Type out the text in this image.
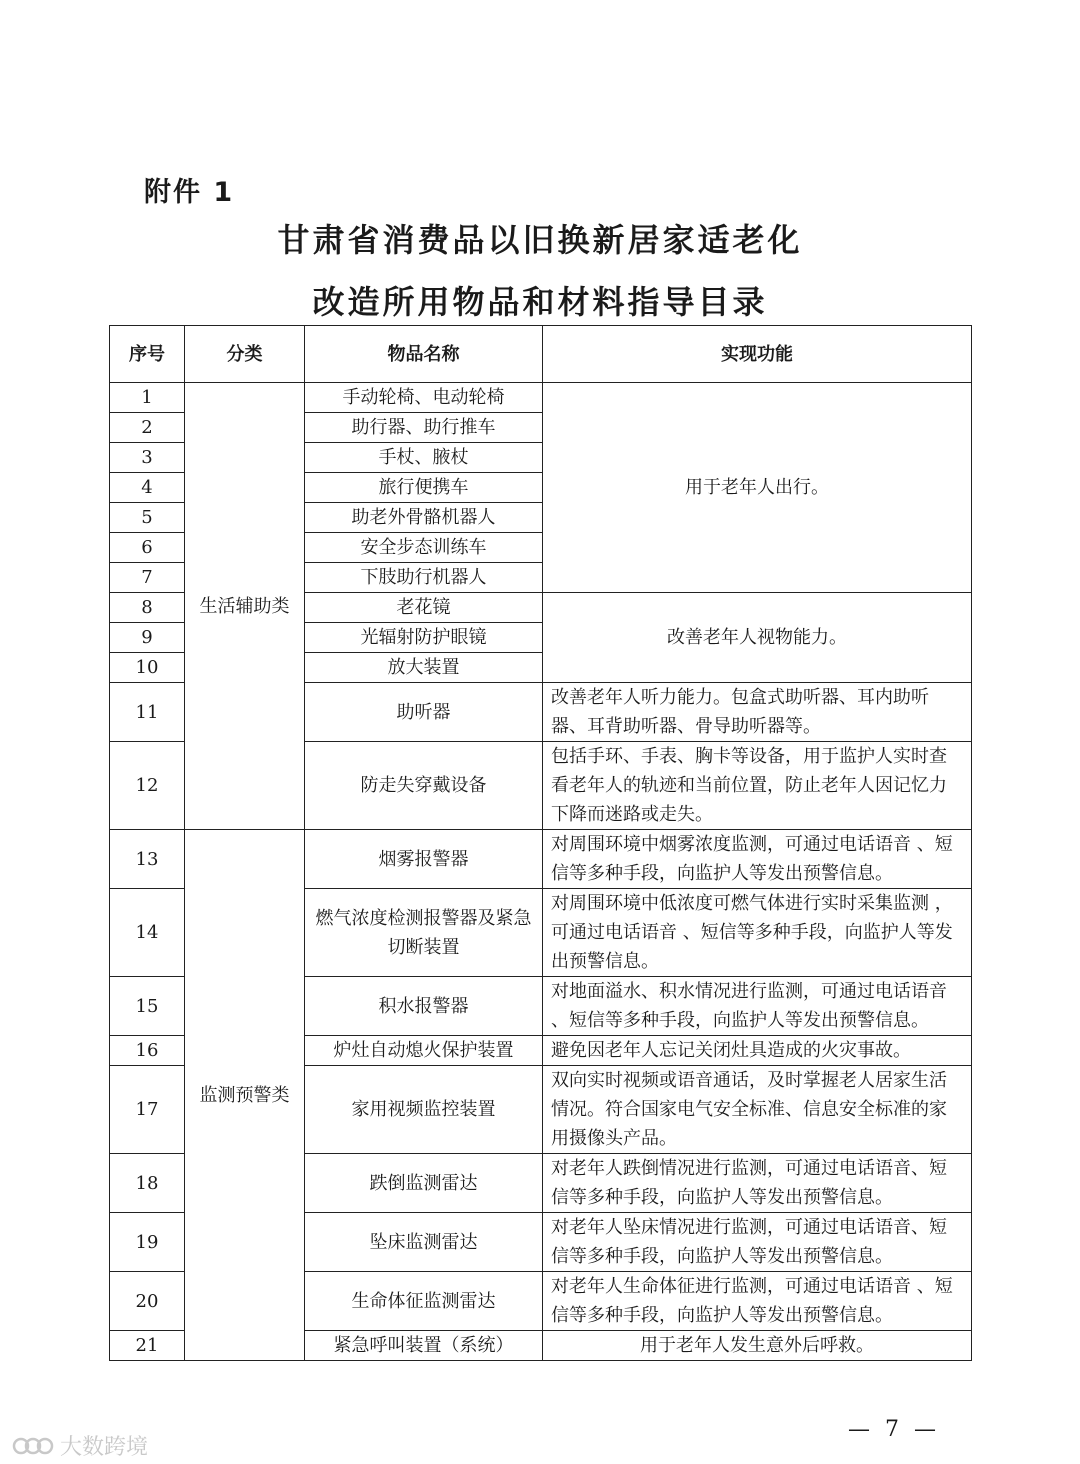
附件 1
甘肃省消费品以旧换新居家适老化
改造所用物品和材料指导目录
序号	分类	物品名称	实现功能
1	生活辅助类	手动轮椅、电动轮椅	用于老年人出行。
2		助行器、助行推车	
3		手杖、腋杖	
4		旅行便携车	
5		助老外骨骼机器人	
6		安全步态训练车	
7		下肢助行机器人	
8		老花镜	改善老年人视物能力。
9		光辐射防护眼镜	
10		放大装置	
11		助听器	改善老年人听力能力。包盒式助听器、耳内助听器、耳背助听器、骨导助听器等。
12		防走失穿戴设备	包括手环、手表、胸卡等设备，用于监护人实时查看老年人的轨迹和当前位置，防止老年人因记忆力下降而迷路或走失。
13	监测预警类	烟雾报警器	对周围环境中烟雾浓度监测，可通过电话语音 、短信等多种手段，向监护人等发出预警信息。
14		燃气浓度检测报警器及紧急切断装置	对周围环境中低浓度可燃气体进行实时采集监测 ，可通过电话语音 、短信等多种手段，向监护人等发出预警信息。
15		积水报警器	对地面溢水、积水情况进行监测，可通过电话语音 、短信等多种手段，向监护人等发出预警信息。
16		炉灶自动熄火保护装置	避免因老年人忘记关闭灶具造成的火灾事故。
17		家用视频监控装置	双向实时视频或语音通话，及时掌握老人居家生活情况。符合国家电气安全标准、信息安全标准的家用摄像头产品。
18		跌倒监测雷达	对老年人跌倒情况进行监测，可通过电话语音、短信等多种手段，向监护人等发出预警信息。
19		坠床监测雷达	对老年人坠床情况进行监测，可通过电话语音、短信等多种手段，向监护人等发出预警信息。
20		生命体征监测雷达	对老年人生命体征进行监测，可通过电话语音 、短信等多种手段，向监护人等发出预警信息。
21		紧急呼叫装置（系统）	用于老年人发生意外后呼救。
— 7 —
大数跨境
